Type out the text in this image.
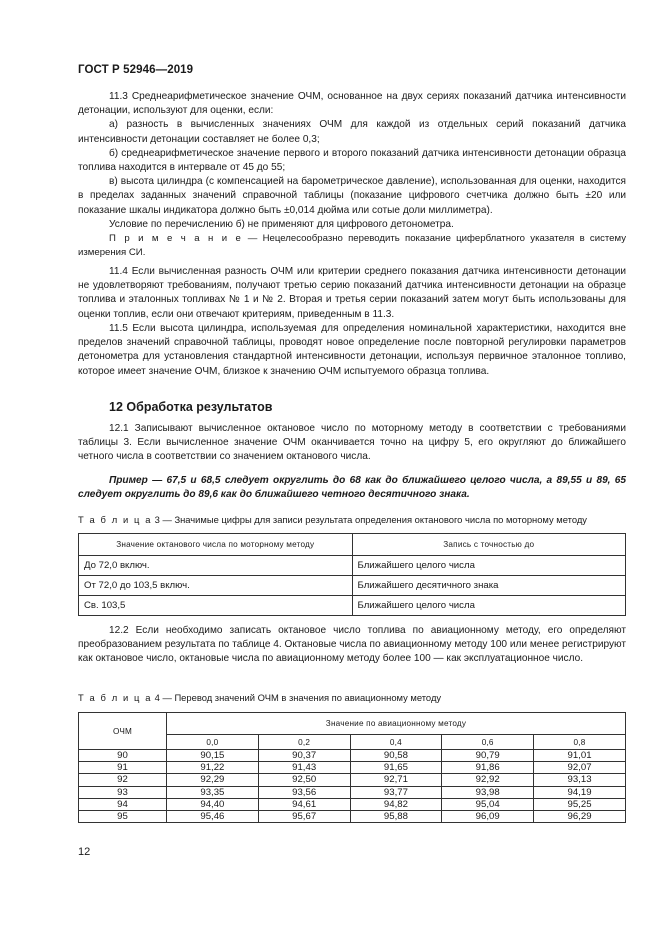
ГОСТ Р 52946—2019

11.3 Среднеарифметическое значение ОЧМ, основанное на двух сериях показаний датчика интенсивности детонации, используют для оценки, если:

а) разность в вычисленных значениях ОЧМ для каждой из отдельных серий показаний датчика интенсивности детонации составляет не более 0,3;

б) среднеарифметическое значение первого и второго показаний датчика интенсивности детонации образца топлива находится в интервале от 45 до 55;

в) высота цилиндра (с компенсацией на барометрическое давление), использованная для оценки, находится в пределах заданных значений справочной таблицы (показание цифрового счетчика должно быть ±20 или показание шкалы индикатора должно быть ±0,014 дюйма или сотые доли миллиметра).

Условие по перечислению б) не применяют для цифрового детонометра.

П р и м е ч а н и е — Нецелесообразно переводить показание циферблатного указателя в систему измерения СИ.

11.4 Если вычисленная разность ОЧМ или критерии среднего показания датчика интенсивности детонации не удовлетворяют требованиям, получают третью серию показаний датчика интенсивности детонации на образце топлива и эталонных топливах № 1 и № 2. Вторая и третья серии показаний затем могут быть использованы для оценки топлив, если они отвечают критериям, приведенным в 11.3.

11.5 Если высота цилиндра, используемая для определения номинальной характеристики, находится вне пределов значений справочной таблицы, проводят новое определение после повторной регулировки параметров детонометра для установления стандартной интенсивности детонации, используя первичное эталонное топливо, которое имеет значение ОЧМ, близкое к значению ОЧМ испытуемого образца топлива.

12 Обработка результатов

12.1 Записывают вычисленное октановое число по моторному методу в соответствии с требованиями таблицы 3. Если вычисленное значение ОЧМ оканчивается точно на цифру 5, его округляют до ближайшего четного числа в соответствии со значением октанового числа.

Пример — 67,5 и 68,5 следует округлить до 68 как до ближайшего целого числа, а 89,55 и 89, 65 следует округлить до 89,6 как до ближайшего четного десятичного знака.

Т а б л и ц а 3 — Значимые цифры для записи результата определения октанового числа по моторному методу
Значение октанового числа по моторному методу	Запись с точностью до
До 72,0 включ.	Ближайшего целого числа
От 72,0 до 103,5 включ.	Ближайшего десятичного знака
Св. 103,5	Ближайшего целого числа

12.2 Если необходимо записать октановое число топлива по авиационному методу, его определяют преобразованием результата по таблице 4. Октановые числа по авиационному методу 100 или менее регистрируют как октановое число, октановые числа по авиационному методу более 100 — как эксплуатационное число.

Т а б л и ц а 4 — Перевод значений ОЧМ в значения по авиационному методу
ОЧМ	Значение по авиационному методу				
	0,0	0,2	0,4	0,6	0,8
90	90,15	90,37	90,58	90,79	91,01
91	91,22	91,43	91,65	91,86	92,07
92	92,29	92,50	92,71	92,92	93,13
93	93,35	93,56	93,77	93,98	94,19
94	94,40	94,61	94,82	95,04	95,25
95	95,46	95,67	95,88	96,09	96,29
12
